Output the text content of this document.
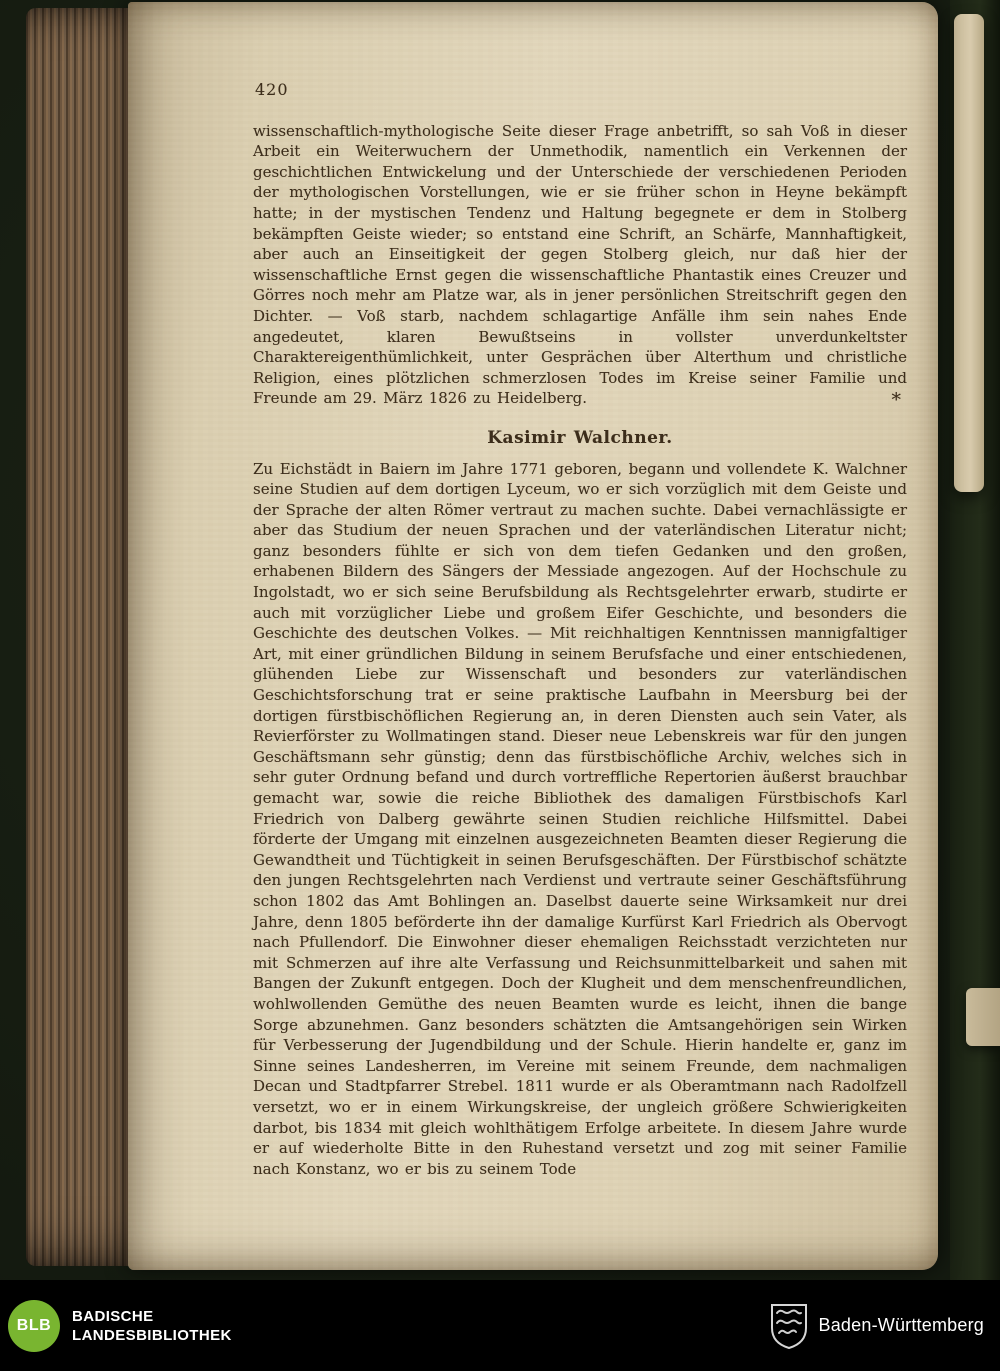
420

wissenschaftlich-mythologische Seite dieser Frage anbetrifft, so sah Voß in dieser Arbeit ein Weiterwuchern der Unmethodik, namentlich ein Verkennen der geschichtlichen Entwickelung und der Unterschiede der verschiedenen Perioden der mythologischen Vorstellungen, wie er sie früher schon in Heyne bekämpft hatte; in der mystischen Tendenz und Haltung begegnete er dem in Stolberg bekämpften Geiste wieder; so entstand eine Schrift, an Schärfe, Mannhaftigkeit, aber auch an Einseitigkeit der gegen Stolberg gleich, nur daß hier der wissenschaftliche Ernst gegen die wissenschaftliche Phantastik eines Creuzer und Görres noch mehr am Platze war, als in jener persönlichen Streitschrift gegen den Dichter. — Voß starb, nachdem schlagartige Anfälle ihm sein nahes Ende angedeutet, klaren Bewußtseins in vollster unverdunkeltster Charaktereigenthümlichkeit, unter Gesprächen über Alterthum und christliche Religion, eines plötzlichen schmerzlosen Todes im Kreise seiner Familie und Freunde am 29. März 1826 zu Heidelberg.	*
Kasimir Walchner.

Zu Eichstädt in Baiern im Jahre 1771 geboren, begann und vollendete K. Walchner seine Studien auf dem dortigen Lyceum, wo er sich vorzüglich mit dem Geiste und der Sprache der alten Römer vertraut zu machen suchte. Dabei vernachlässigte er aber das Studium der neuen Sprachen und der vaterländischen Literatur nicht; ganz besonders fühlte er sich von dem tiefen Gedanken und den großen, erhabenen Bildern des Sängers der Messiade angezogen. Auf der Hochschule zu Ingolstadt, wo er sich seine Berufsbildung als Rechtsgelehrter erwarb, studirte er auch mit vorzüglicher Liebe und großem Eifer Geschichte, und besonders die Geschichte des deutschen Volkes. — Mit reichhaltigen Kenntnissen mannigfaltiger Art, mit einer gründlichen Bildung in seinem Berufsfache und einer entschiedenen, glühenden Liebe zur Wissenschaft und besonders zur vaterländischen Geschichtsforschung trat er seine praktische Laufbahn in Meersburg bei der dortigen fürstbischöflichen Regierung an, in deren Diensten auch sein Vater, als Revierförster zu Wollmatingen stand. Dieser neue Lebenskreis war für den jungen Geschäftsmann sehr günstig; denn das fürstbischöfliche Archiv, welches sich in sehr guter Ordnung befand und durch vortreffliche Repertorien äußerst brauchbar gemacht war, sowie die reiche Bibliothek des damaligen Fürstbischofs Karl Friedrich von Dalberg gewährte seinen Studien reichliche Hilfsmittel. Dabei förderte der Umgang mit einzelnen ausgezeichneten Beamten dieser Regierung die Gewandtheit und Tüchtigkeit in seinen Berufsgeschäften. Der Fürstbischof schätzte den jungen Rechtsgelehrten nach Verdienst und vertraute seiner Geschäftsführung schon 1802 das Amt Bohlingen an. Daselbst dauerte seine Wirksamkeit nur drei Jahre, denn 1805 beförderte ihn der damalige Kurfürst Karl Friedrich als Obervogt nach Pfullendorf. Die Einwohner dieser ehemaligen Reichsstadt verzichteten nur mit Schmerzen auf ihre alte Verfassung und Reichsunmittelbarkeit und sahen mit Bangen der Zukunft entgegen. Doch der Klugheit und dem menschenfreundlichen, wohlwollenden Gemüthe des neuen Beamten wurde es leicht, ihnen die bange Sorge abzunehmen. Ganz besonders schätzten die Amtsangehörigen sein Wirken für Verbesserung der Jugendbildung und der Schule. Hierin handelte er, ganz im Sinne seines Landesherren, im Vereine mit seinem Freunde, dem nachmaligen Decan und Stadtpfarrer Strebel. 1811 wurde er als Oberamtmann nach Radolfzell versetzt, wo er in einem Wirkungskreise, der ungleich größere Schwierigkeiten darbot, bis 1834 mit gleich wohlthätigem Erfolge arbeitete. In diesem Jahre wurde er auf wiederholte Bitte in den Ruhestand versetzt und zog mit seiner Familie nach Konstanz, wo er bis zu seinem Tode

BLB
BADISCHE
LANDESBIBLIOTHEK	Baden-Württemberg
